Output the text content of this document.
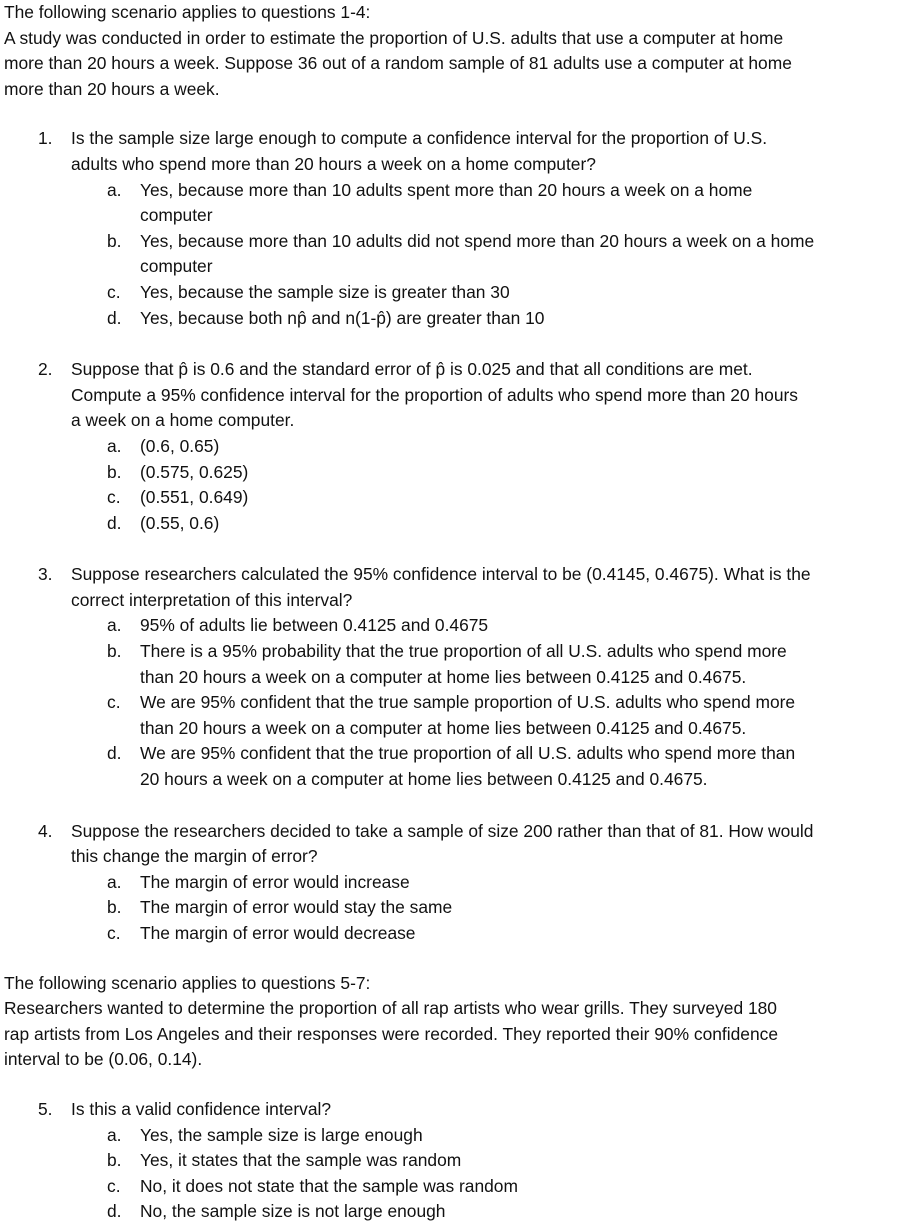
The following scenario applies to questions 1-4:
A study was conducted in order to estimate the proportion of U.S. adults that use a computer at home
more than 20 hours a week. Suppose 36 out of a random sample of 81 adults use a computer at home
more than 20 hours a week.
1.	Is the sample size large enough to compute a confidence interval for the proportion of U.S.
adults who spend more than 20 hours a week on a home computer?
a.	Yes, because more than 10 adults spent more than 20 hours a week on a home
computer
b.	Yes, because more than 10 adults did not spend more than 20 hours a week on a home
computer
c.	Yes, because the sample size is greater than 30
d.	Yes, because both np̂ and n(1-p̂) are greater than 10
2.	Suppose that p̂ is 0.6 and the standard error of p̂ is 0.025 and that all conditions are met.
Compute a 95% confidence interval for the proportion of adults who spend more than 20 hours
a week on a home computer.
a.	(0.6, 0.65)
b.	(0.575, 0.625)
c.	(0.551, 0.649)
d.	(0.55, 0.6)
3.	Suppose researchers calculated the 95% confidence interval to be (0.4145, 0.4675). What is the
correct interpretation of this interval?
a.	95% of adults lie between 0.4125 and 0.4675
b.	There is a 95% probability that the true proportion of all U.S. adults who spend more
than 20 hours a week on a computer at home lies between 0.4125 and 0.4675.
c.	We are 95% confident that the true sample proportion of U.S. adults who spend more
than 20 hours a week on a computer at home lies between 0.4125 and 0.4675.
d.	We are 95% confident that the true proportion of all U.S. adults who spend more than
20 hours a week on a computer at home lies between 0.4125 and 0.4675.
4.	Suppose the researchers decided to take a sample of size 200 rather than that of 81. How would
this change the margin of error?
a.	The margin of error would increase
b.	The margin of error would stay the same
c.	The margin of error would decrease
The following scenario applies to questions 5-7:
Researchers wanted to determine the proportion of all rap artists who wear grills. They surveyed 180
rap artists from Los Angeles and their responses were recorded. They reported their 90% confidence
interval to be (0.06, 0.14).
5.	Is this a valid confidence interval?
a.	Yes, the sample size is large enough
b.	Yes, it states that the sample was random
c.	No, it does not state that the sample was random
d.	No, the sample size is not large enough
